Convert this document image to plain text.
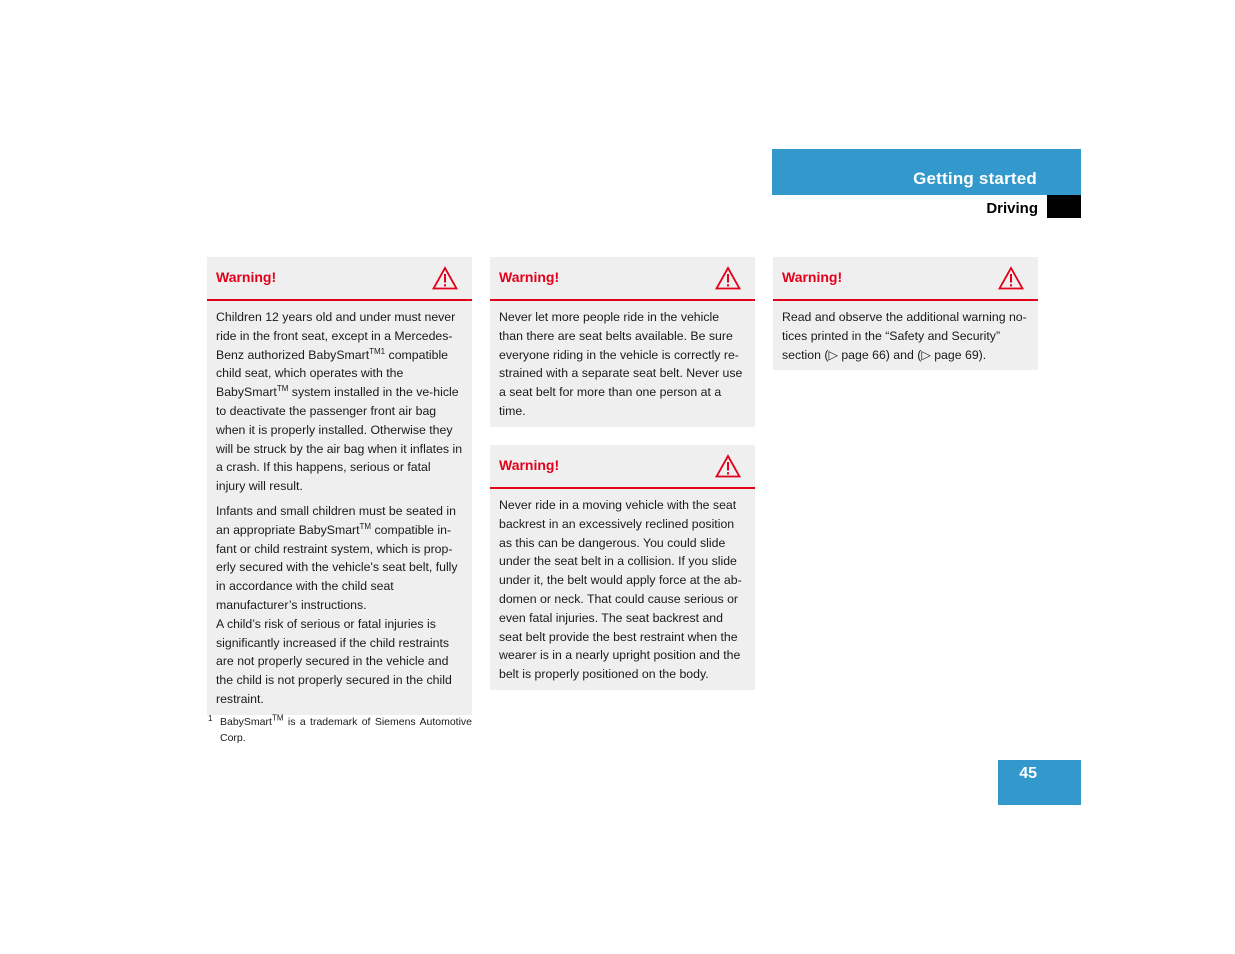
Getting started
Driving
Warning!

Children 12 years old and under must never ride in the front seat, except in a Mercedes-Benz authorized BabySmart$^{TM1}$ compatible child seat, which operates with the BabySmart™ system installed in the ve-hicle to deactivate the passenger front air bag when it is properly installed. Otherwise they will be struck by the air bag when it inflates in a crash. If this happens, serious or fatal injury will result.

Infants and small children must be seated in an appropriate BabySmart™ compatible in-fant or child restraint system, which is prop-erly secured with the vehicle's seat belt, fully in accordance with the child seat manufacturer’s instructions.

A child’s risk of serious or fatal injuries is significantly increased if the child restraints are not properly secured in the vehicle and the child is not properly secured in the child restraint.

1 BabySmart™ is a trademark of Siemens Automotive Corp.
Warning!

Never let more people ride in the vehicle than there are seat belts available. Be sure everyone riding in the vehicle is correctly re-strained with a separate seat belt. Never use a seat belt for more than one person at a time.

Warning!

Never ride in a moving vehicle with the seat backrest in an excessively reclined position as this can be dangerous. You could slide under the seat belt in a collision. If you slide under it, the belt would apply force at the ab-domen or neck. That could cause serious or even fatal injuries. The seat backrest and seat belt provide the best restraint when the wearer is in a nearly upright position and the belt is properly positioned on the body.

Warning!

Read and observe the additional warning no-tices printed in the “Safety and Security” section (▷ page 66) and (▷ page 69).

45
